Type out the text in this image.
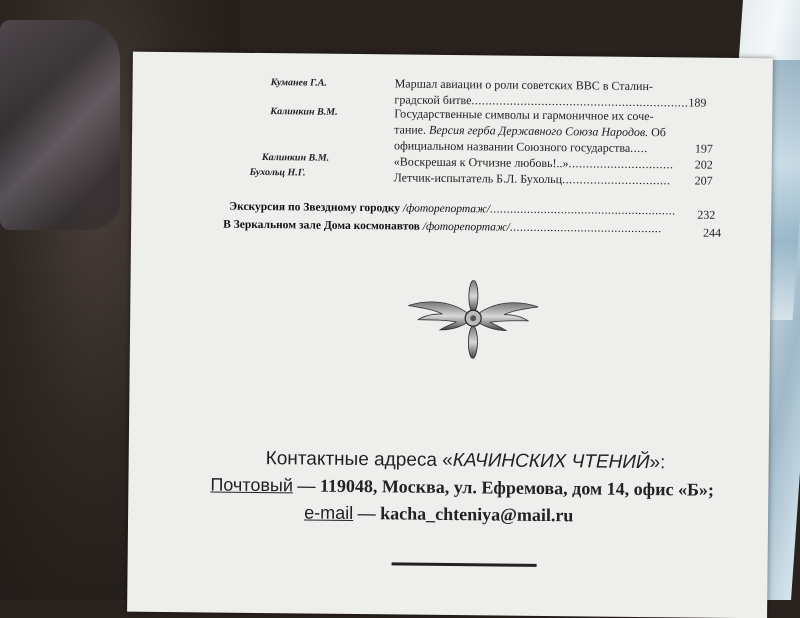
Куманев Г.А.	Маршал авиации о роли советских ВВС в Сталин-
градской битве.............................................................. 189
Калинкин В.М.	Государственные символы и гармоничное их соче-
тание. Версия герба Державного Союза Народов. Об
официальном названии Союзного государства.....	197
Калинкин В.М.	«Воскрешая к Отчизне любовь!..».............................. 202
Бухольц Н.Г.	Летчик-испытатель Б.Л. Бухольц............................... 207
Экскурсия по Звездному городку /фоторепортаж/....................................................... 232
В Зеркальном зале Дома космонавтов /фоторепортаж/.............................................	244
Контактные адреса «КАЧИНСКИХ ЧТЕНИЙ»:
Почтовый — 119048, Москва, ул. Ефремова, дом 14, офис «Б»;
e-mail — kacha_chteniya@mail.ru
